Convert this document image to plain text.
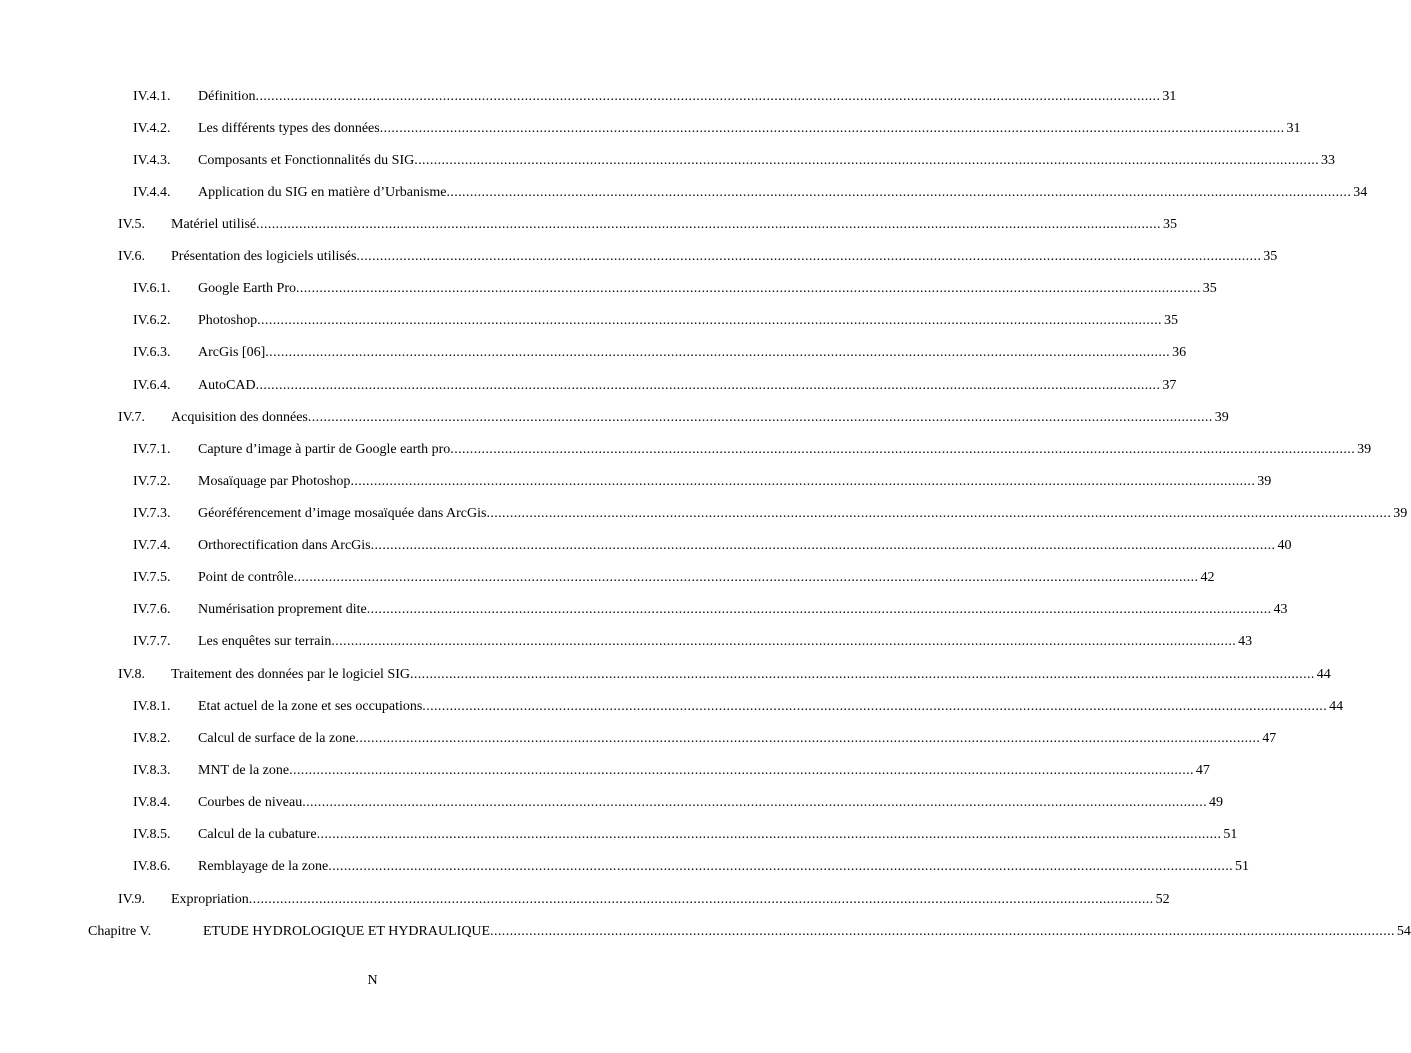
IV.4.1.	Définition .....	31
IV.4.2.	Les différents types des données .....	31
IV.4.3.	Composants et Fonctionnalités du SIG .....	33
IV.4.4.	Application du SIG en matière d’Urbanisme .....	34
IV.5.	Matériel utilisé .....	35
IV.6.	Présentation des logiciels utilisés .....	35
IV.6.1.	Google Earth Pro .....	35
IV.6.2.	Photoshop .....	35
IV.6.3.	ArcGis [06] .....	36
IV.6.4.	AutoCAD .....	37
IV.7.	Acquisition des données .....	39
IV.7.1.	Capture d’image à partir de Google earth pro .....	39
IV.7.2.	Mosaïquage par Photoshop .....	39
IV.7.3.	Géoréférencement d’image mosaïquée dans ArcGis .....	39
IV.7.4.	Orthorectification dans ArcGis .....	40
IV.7.5.	Point de contrôle .....	42
IV.7.6.	Numérisation proprement dite .....	43
IV.7.7.	Les enquêtes sur terrain .....	43
IV.8.	Traitement des données par le logiciel SIG .....	44
IV.8.1.	Etat actuel de la zone et ses occupations .....	44
IV.8.2.	Calcul de surface de la zone .....	47
IV.8.3.	MNT de la zone .....	47
IV.8.4.	Courbes de niveau .....	49
IV.8.5.	Calcul de la cubature .....	51
IV.8.6.	Remblayage de la zone .....	51
IV.9.	Expropriation .....	52
Chapitre V.	ETUDE HYDROLOGIQUE ET HYDRAULIQUE .....	54
N
